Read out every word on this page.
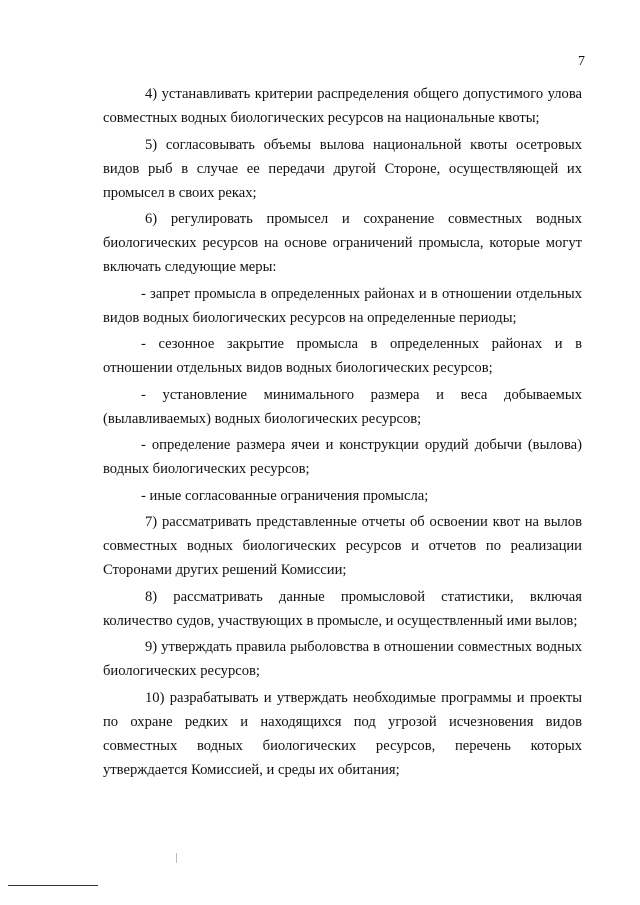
7

4) устанавливать критерии распределения общего допустимого улова совместных водных биологических ресурсов на национальные квоты;

5) согласовывать объемы вылова национальной квоты осетровых видов рыб в случае ее передачи другой Стороне, осуществляющей их промысел в своих реках;

6) регулировать промысел и сохранение совместных водных биологических ресурсов на основе ограничений промысла, которые могут включать следующие меры:

- запрет промысла в определенных районах и в отношении отдельных видов водных биологических ресурсов на определенные периоды;

- сезонное закрытие промысла в определенных районах и в отношении отдельных видов водных биологических ресурсов;

- установление минимального размера и веса добываемых (вылавливаемых) водных биологических ресурсов;

- определение размера ячеи и конструкции орудий добычи (вылова) водных биологических ресурсов;

- иные согласованные ограничения промысла;

7) рассматривать представленные отчеты об освоении квот на вылов совместных водных биологических ресурсов и отчетов по реализации Сторонами других решений Комиссии;

8) рассматривать данные промысловой статистики, включая количество судов, участвующих в промысле, и осуществленный ими вылов;

9) утверждать правила рыболовства в отношении совместных водных биологических ресурсов;

10) разрабатывать и утверждать необходимые программы и проекты по охране редких и находящихся под угрозой исчезновения видов совместных водных биологических ресурсов, перечень которых утверждается Комиссией, и среды их обитания;
